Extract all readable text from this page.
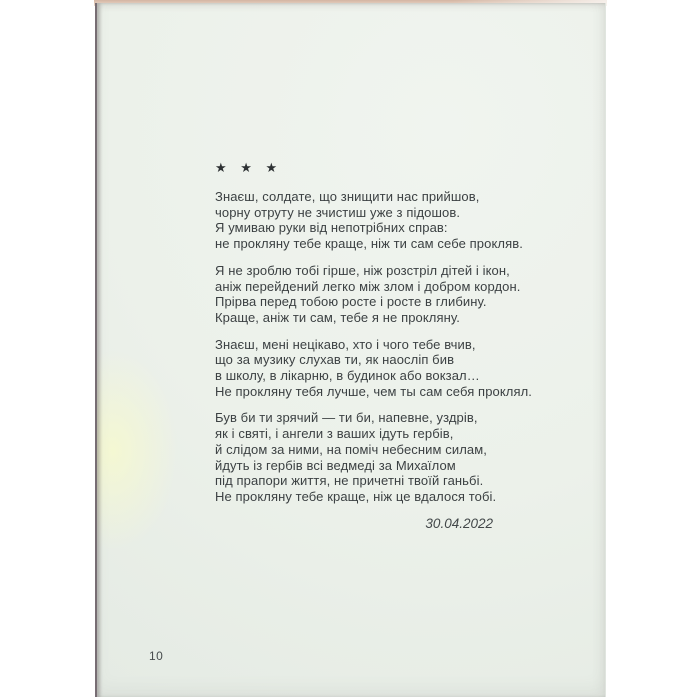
★ ★ ★

Знаєш, солдате, що знищити нас прийшов,
чорну отруту не зчистиш уже з підошов.
Я умиваю руки від непотрібних справ:
не прокляну тебе краще, ніж ти сам себе прокляв.

Я не зроблю тобі гірше, ніж розстріл дітей і ікон,
аніж перейдений легко між злом і добром кордон.
Прірва перед тобою росте і росте в глибину.
Краще, аніж ти сам, тебе я не прокляну.

Знаєш, мені нецікаво, хто і чого тебе вчив,
що за музику слухав ти, як наосліп бив
в школу, в лікарню, в будинок або вокзал…
Не прокляну тебя лучше, чем ты сам себя проклял.

Був би ти зрячий — ти би, напевне, уздрів,
як і святі, і ангели з ваших ідуть гербів,
й слідом за ними, на поміч небесним силам,
йдуть із гербів всі ведмеді за Михаїлом
під прапори життя, не причетні твоїй ганьбі.
Не прокляну тебе краще, ніж це вдалося тобі.

30.04.2022
10
